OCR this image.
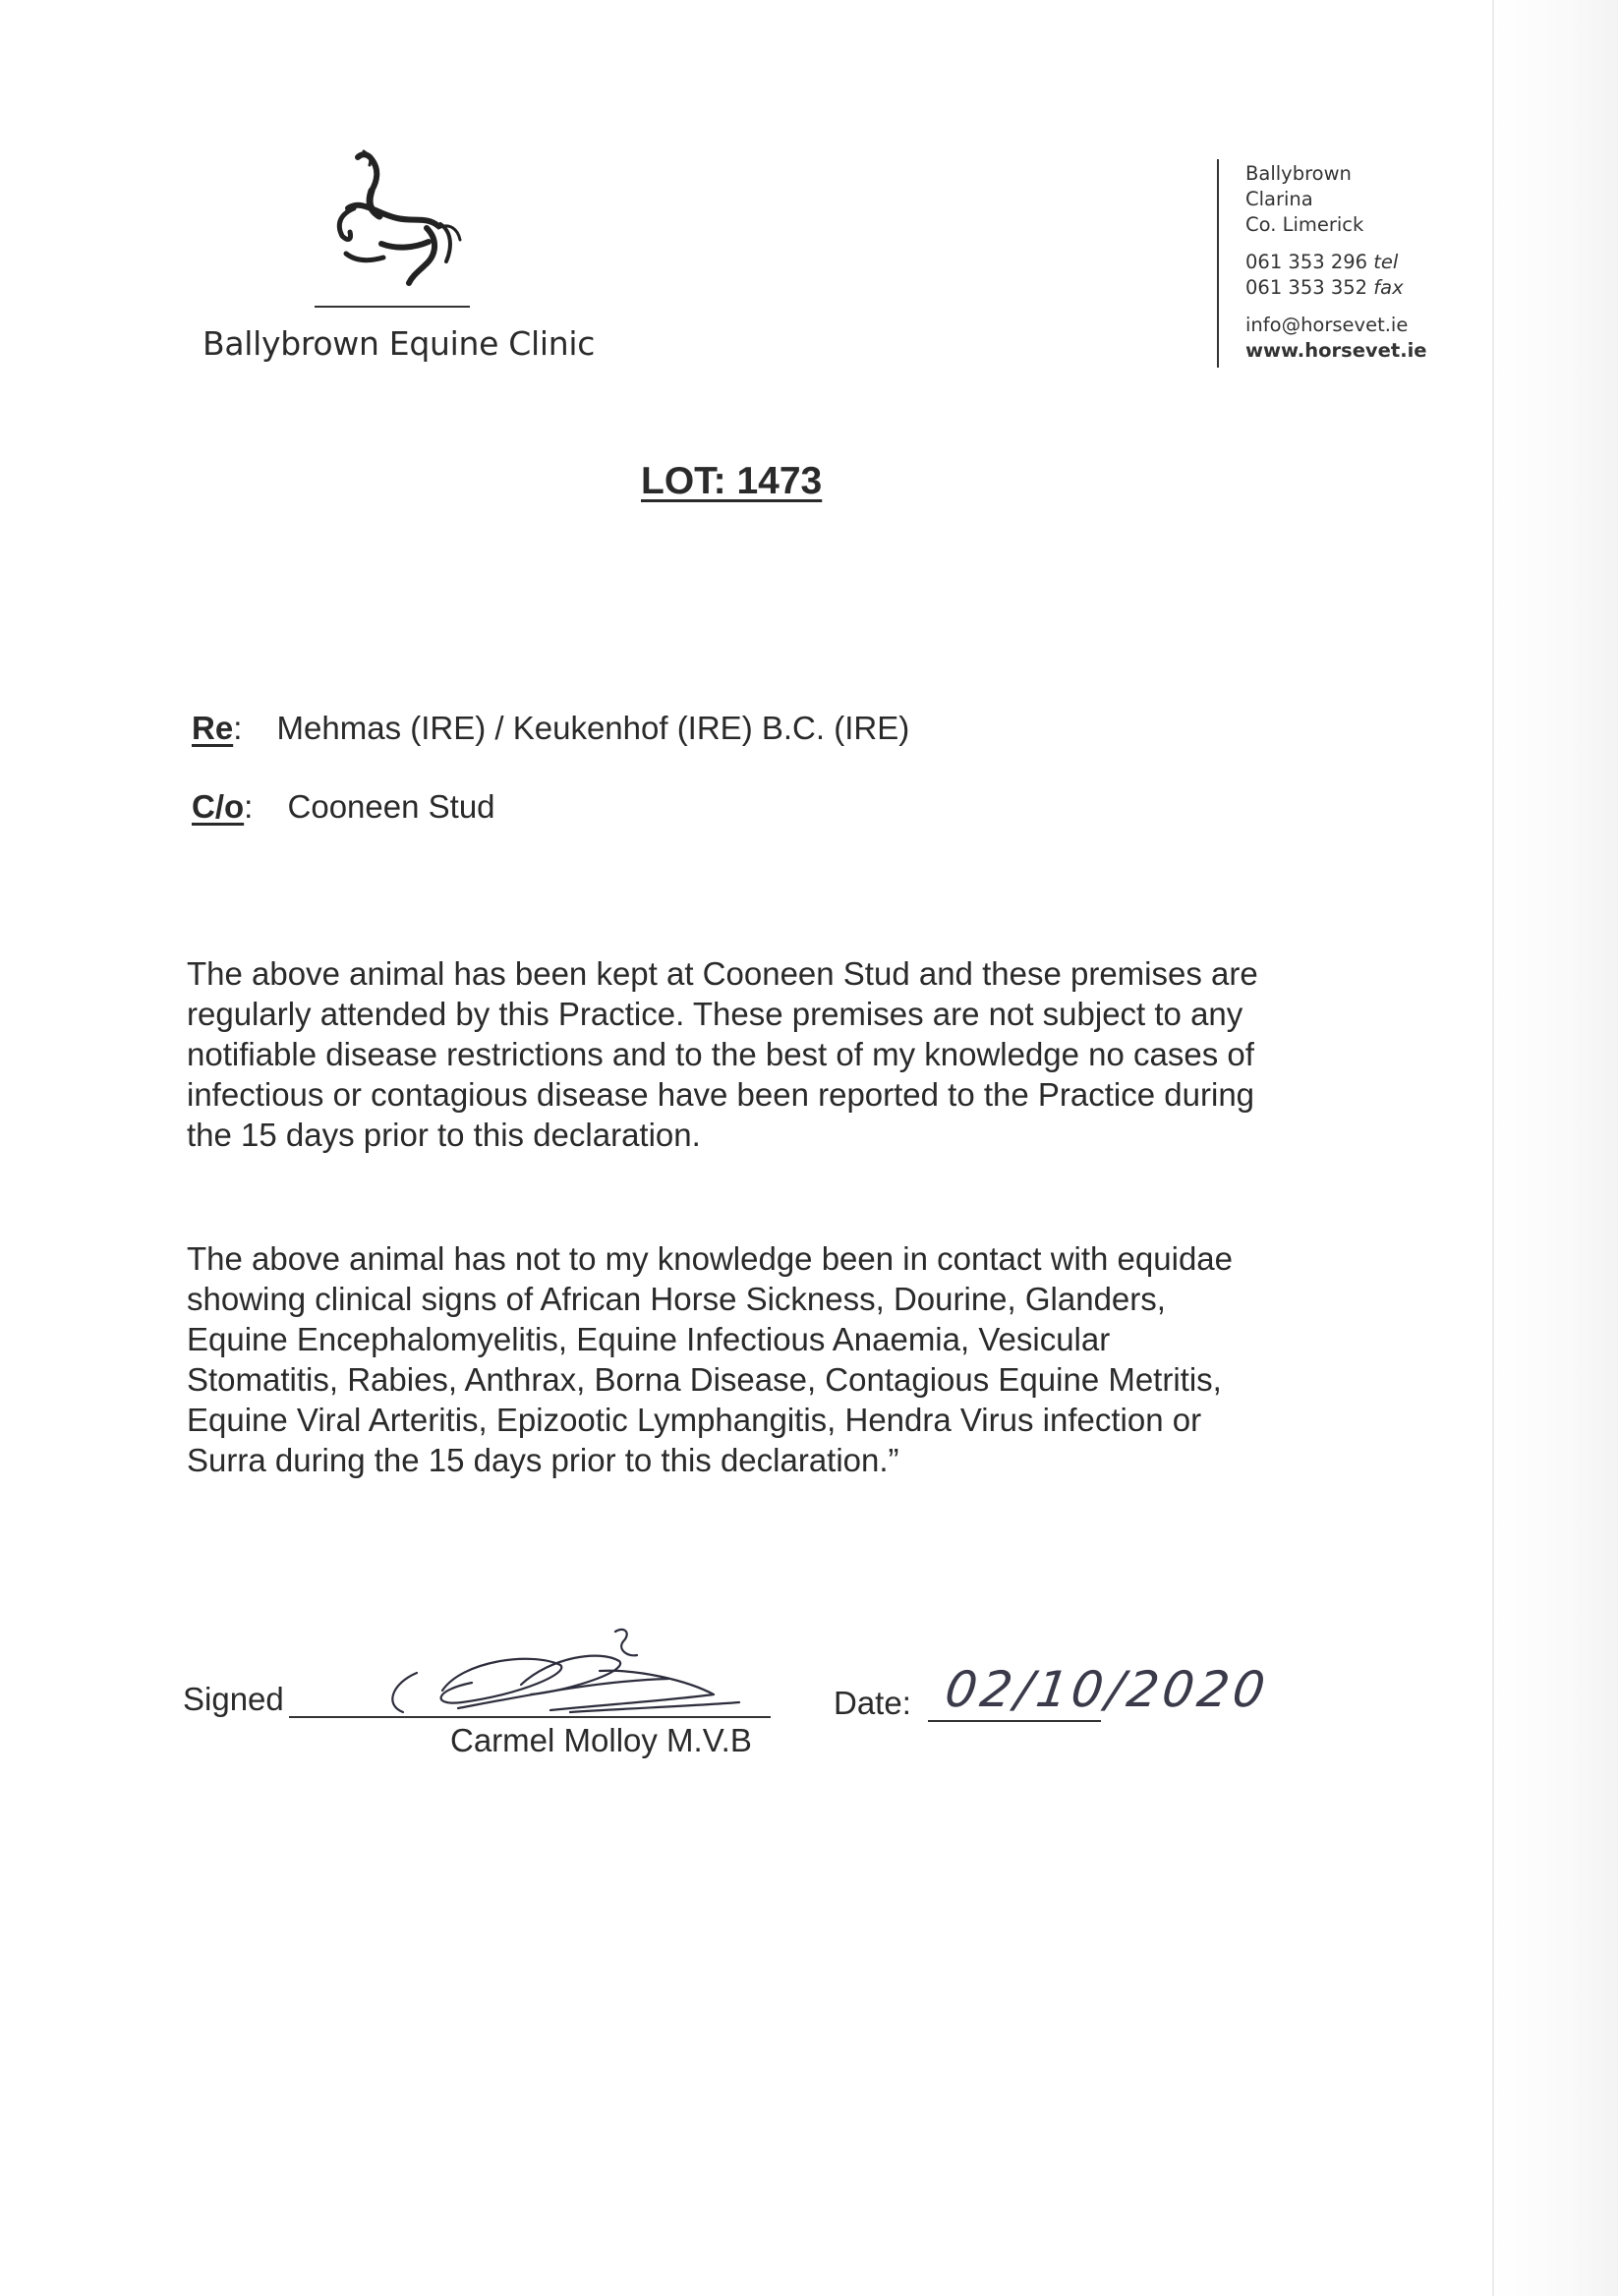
Ballybrown Equine Clinic
Ballybrown
Clarina
Co. Limerick
061 353 296 tel
061 353 352 fax
info@horsevet.ie
www.horsevet.ie
LOT: 1473
Re: Mehmas (IRE) / Keukenhof (IRE) B.C. (IRE)
C/o: Cooneen Stud

The above animal has been kept at Cooneen Stud and these premises are regularly attended by this Practice. These premises are not subject to any notifiable disease restrictions and to the best of my knowledge no cases of infectious or contagious disease have been reported to the Practice during the 15 days prior to this declaration.

The above animal has not to my knowledge been in contact with equidae showing clinical signs of African Horse Sickness, Dourine, Glanders, Equine Encephalomyelitis, Equine Infectious Anaemia, Vesicular Stomatitis, Rabies, Anthrax, Borna Disease, Contagious Equine Metritis, Equine Viral Arteritis, Epizootic Lymphangitis, Hendra Virus infection or Surra during the 15 days prior to this declaration.”

Signed
Carmel Molloy M.V.B
Date: 02/10/2020
